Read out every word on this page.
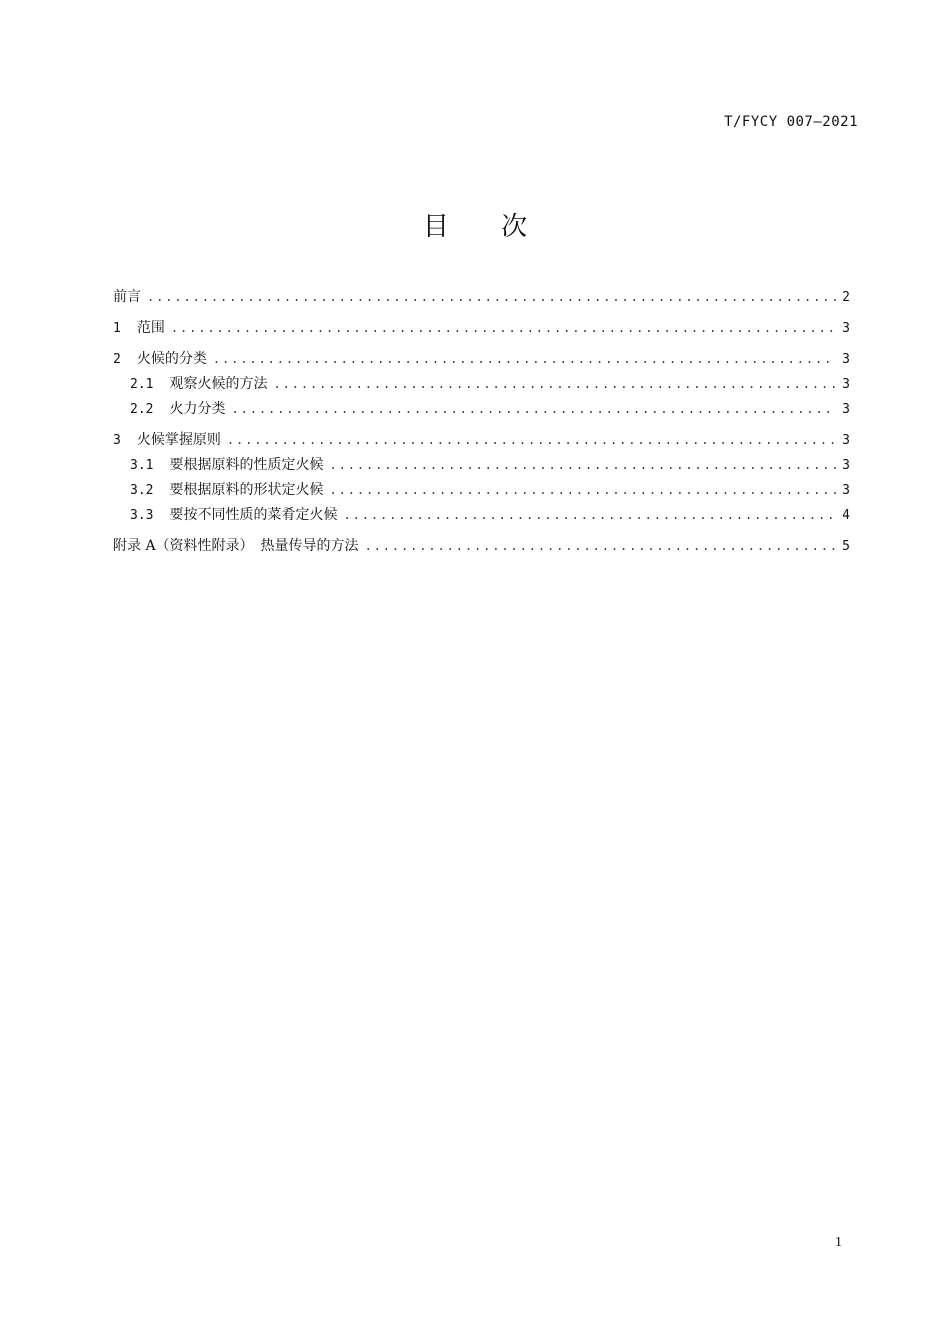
T/FYCY 007—2021
目 次
前言 .....	2
1 范围 .....	3
2 火候的分类 .....	3
2.1 观察火候的方法 .....	3
2.2 火力分类 .....	3
3 火候掌握原则 .....	3
3.1 要根据原料的性质定火候 .....	3
3.2 要根据原料的形状定火候 .....	3
3.3 要按不同性质的菜肴定火候 .....	4
附录 A（资料性附录）　热量传导的方法 .....	5
1
